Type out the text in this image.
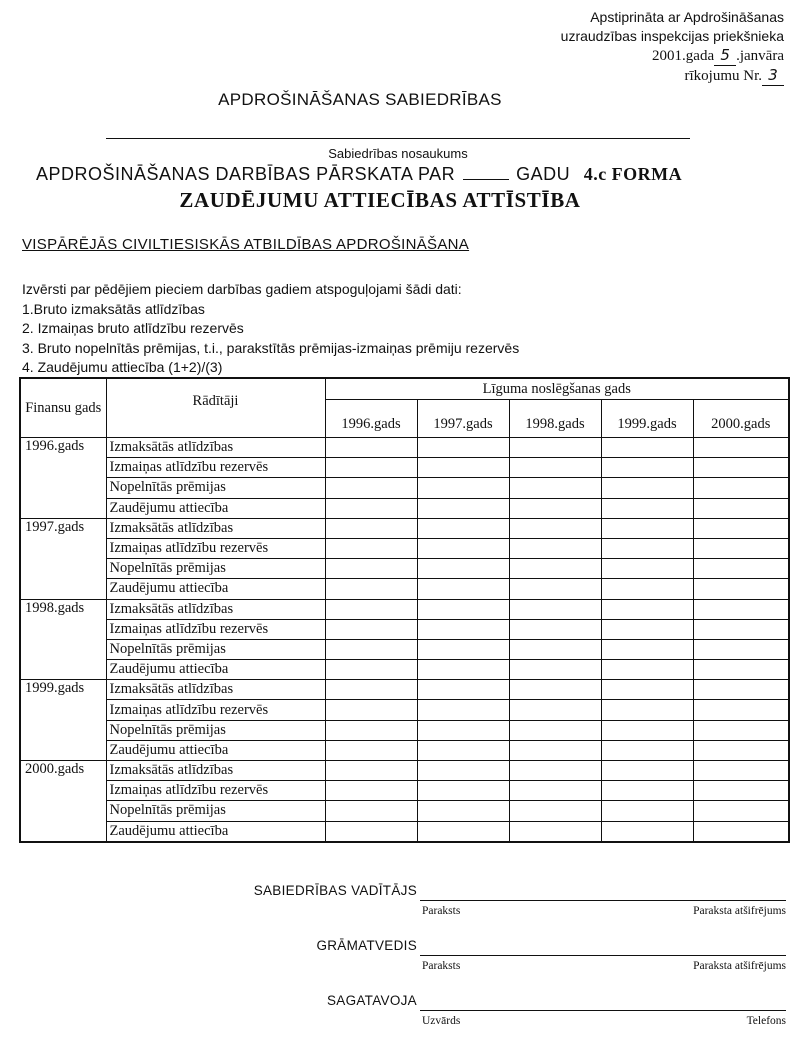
Apstiprināta ar Apdrošināšanas
uzraudzības inspekcijas priekšnieka
2001.gada 5 .janvāra
rīkojumu Nr. 3
APDROŠINĀŠANAS SABIEDRĪBAS
Sabiedrības nosaukums
APDROŠINĀŠANAS DARBĪBAS PĀRSKATA PAR	GADU 4.c FORMA
ZAUDĒJUMU ATTIECĪBAS ATTĪSTĪBA
VISPĀRĒJĀS CIVILTIESISKĀS ATBILDĪBAS APDROŠINĀŠANA
Izvērsti par pēdējiem pieciem darbības gadiem atspoguļojami šādi dati:
1.Bruto izmaksātās atlīdzības
2. Izmaiņas bruto atlīdzību rezervēs
3. Bruto nopelnītās prēmijas, t.i., parakstītās prēmijas-izmaiņas prēmiju rezervēs
4. Zaudējumu attiecība (1+2)/(3)
Finansu gads	Rādītāji	Līguma noslēgšanas gads				
		1996.gads	1997.gads	1998.gads	1999.gads	2000.gads
1996.gads	Izmaksātās atlīdzības					
	Izmaiņas atlīdzību rezervēs					
	Nopelnītās prēmijas					
	Zaudējumu attiecība					
1997.gads	Izmaksātās atlīdzības					
	Izmaiņas atlīdzību rezervēs					
	Nopelnītās prēmijas					
	Zaudējumu attiecība					
1998.gads	Izmaksātās atlīdzības					
	Izmaiņas atlīdzību rezervēs					
	Nopelnītās prēmijas					
	Zaudējumu attiecība					
1999.gads	Izmaksātās atlīdzības					
	Izmaiņas atlīdzību rezervēs					
	Nopelnītās prēmijas					
	Zaudējumu attiecība					
2000.gads	Izmaksātās atlīdzības					
	Izmaiņas atlīdzību rezervēs					
	Nopelnītās prēmijas					
	Zaudējumu attiecība					
SABIEDRĪBAS VADĪTĀJS
Paraksts	Paraksta atšifrējums
GRĀMATVEDIS
Paraksts	Paraksta atšifrējums
SAGATAVOJA
Uzvārds	Telefons
